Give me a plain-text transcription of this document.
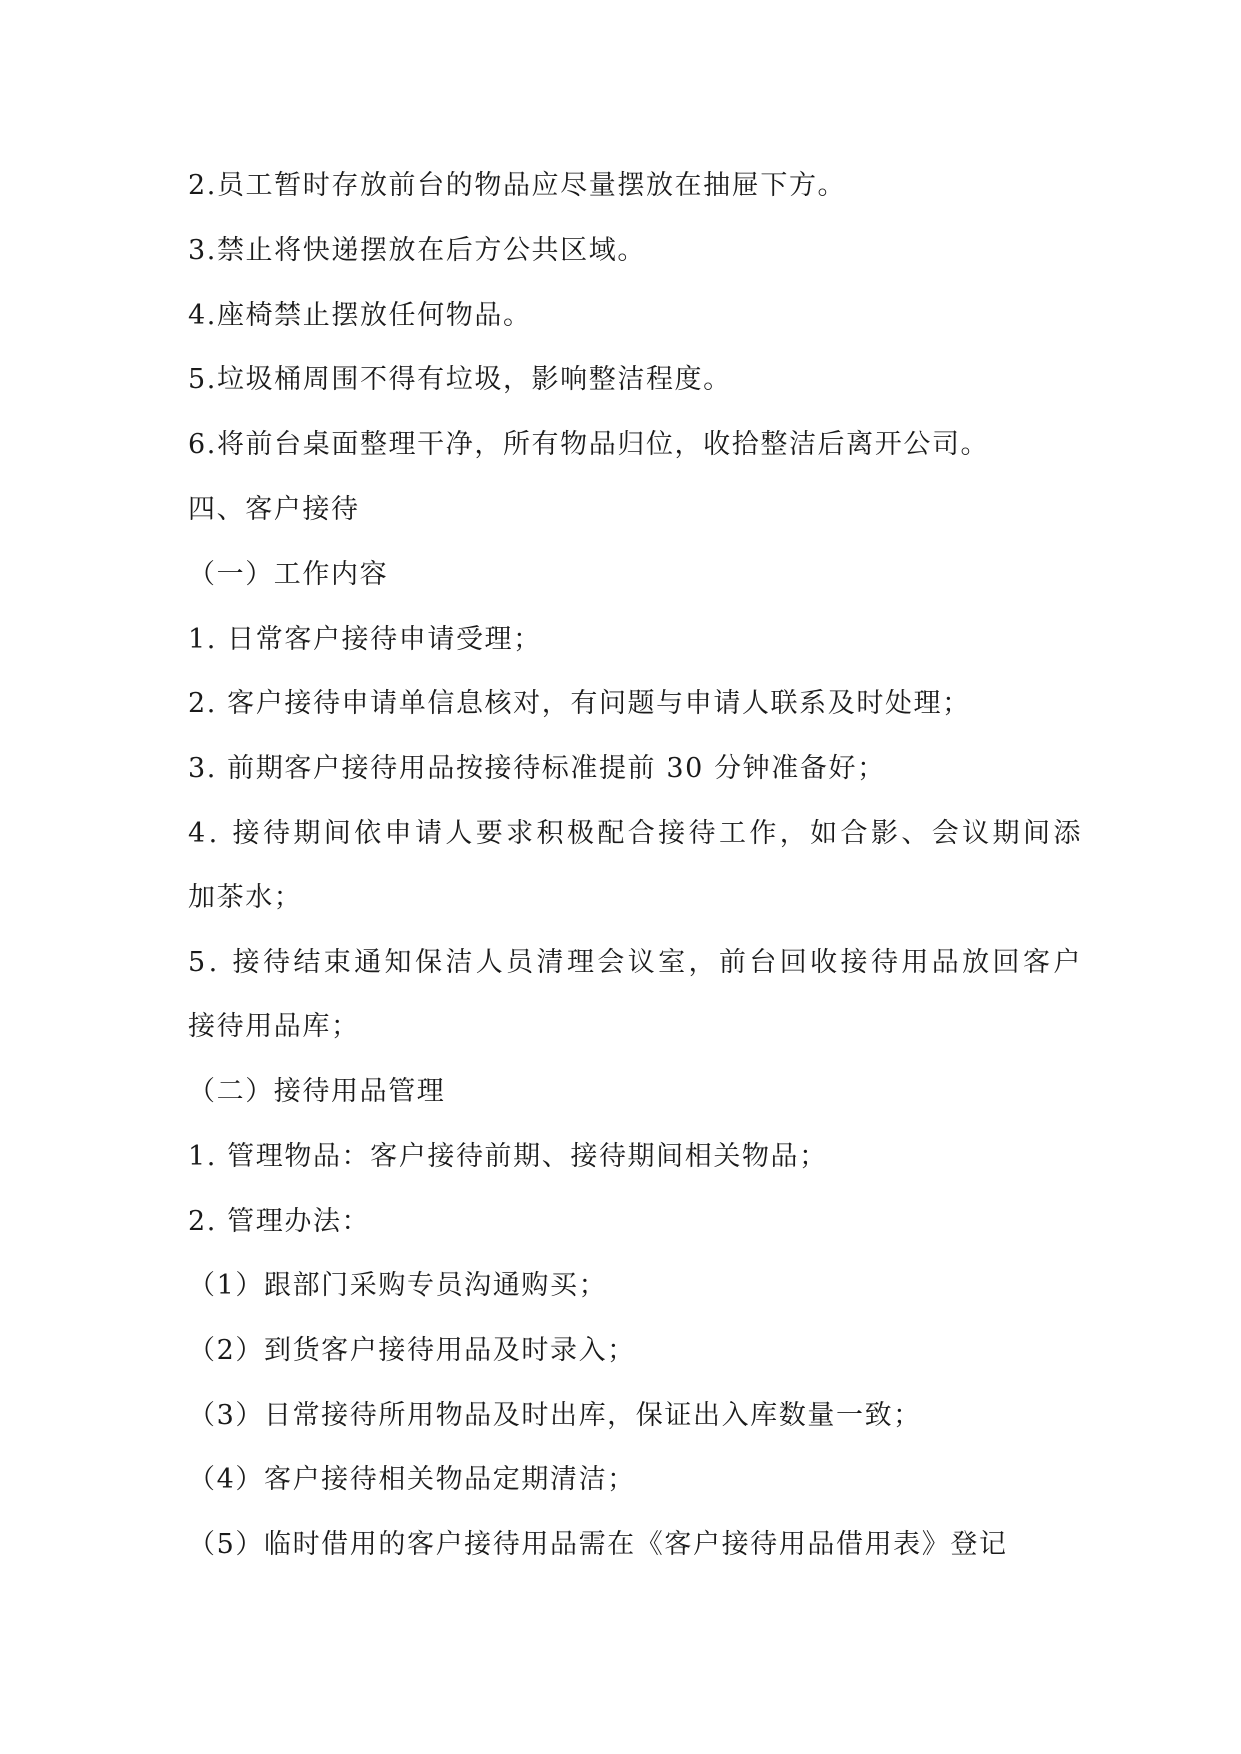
2.员工暂时存放前台的物品应尽量摆放在抽屉下方。
3.禁止将快递摆放在后方公共区域。
4.座椅禁止摆放任何物品。
5.垃圾桶周围不得有垃圾，影响整洁程度。
6.将前台桌面整理干净，所有物品归位，收拾整洁后离开公司。
四、客户接待
（一）工作内容
1. 日常客户接待申请受理；
2. 客户接待申请单信息核对，有问题与申请人联系及时处理；
3. 前期客户接待用品按接待标准提前 30 分钟准备好；
4. 接待期间依申请人要求积极配合接待工作，如合影、会议期间添
加茶水；
5. 接待结束通知保洁人员清理会议室，前台回收接待用品放回客户
接待用品库；
（二）接待用品管理
1. 管理物品：客户接待前期、接待期间相关物品；
2. 管理办法：
（1）跟部门采购专员沟通购买；
（2）到货客户接待用品及时录入；
（3）日常接待所用物品及时出库，保证出入库数量一致；
（4）客户接待相关物品定期清洁；
（5）临时借用的客户接待用品需在《客户接待用品借用表》登记
